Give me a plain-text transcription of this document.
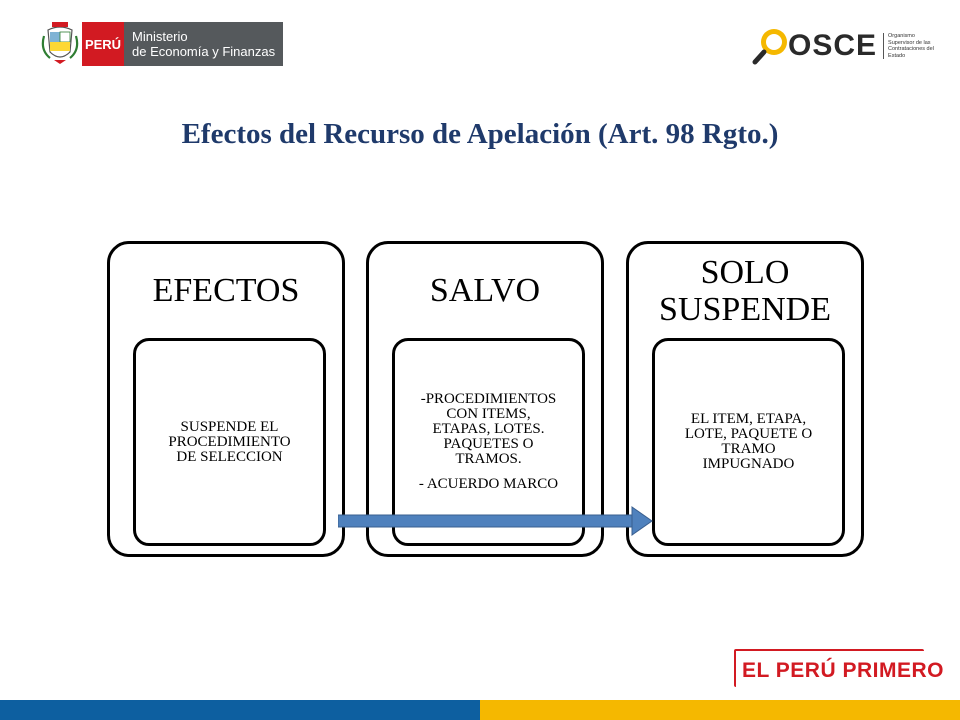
PERÚ Ministerio
de Economía y Finanzas	OSCE	Organismo Supervisor de las Contrataciones del Estado
Efectos del Recurso de Apelación (Art. 98 Rgto.)
EFECTOS
SUSPENDE EL
PROCEDIMIENTO
DE SELECCION
SALVO
-PROCEDIMIENTOS
CON ITEMS,
ETAPAS, LOTES.
PAQUETES O
TRAMOS.
- ACUERDO MARCO
SOLO
SUSPENDE
EL ITEM, ETAPA,
LOTE, PAQUETE O
TRAMO
IMPUGNADO
EL PERÚ PRIMERO
